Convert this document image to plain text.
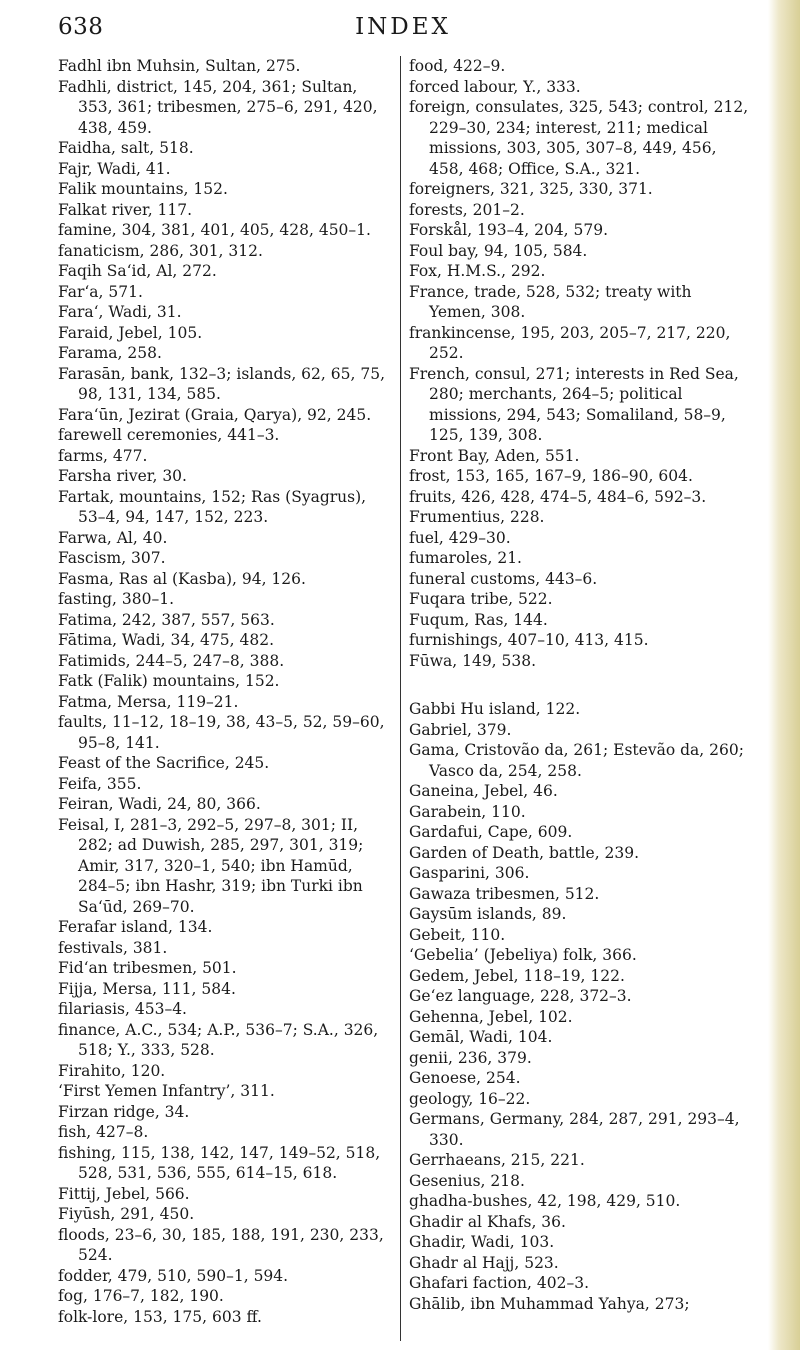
638	INDEX

Fadhl ibn Muhsin, Sultan, 275.

Fadhli, district, 145, 204, 361; Sultan, 353, 361; tribesmen, 275–6, 291, 420, 438, 459.

Faidha, salt, 518.

Fajr, Wadi, 41.

Falik mountains, 152.

Falkat river, 117.

famine, 304, 381, 401, 405, 428, 450–1.

fanaticism, 286, 301, 312.

Faqih Sa‘id, Al, 272.

Far‘a, 571.

Fara‘, Wadi, 31.

Faraid, Jebel, 105.

Farama, 258.

Farasān, bank, 132–3; islands, 62, 65, 75, 98, 131, 134, 585.

Fara‘ūn, Jezirat (Graia, Qarya), 92, 245.

farewell ceremonies, 441–3.

farms, 477.

Farsha river, 30.

Fartak, mountains, 152; Ras (Syagrus), 53–4, 94, 147, 152, 223.

Farwa, Al, 40.

Fascism, 307.

Fasma, Ras al (Kasba), 94, 126.

fasting, 380–1.

Fatima, 242, 387, 557, 563.

Fātima, Wadi, 34, 475, 482.

Fatimids, 244–5, 247–8, 388.

Fatk (Falik) mountains, 152.

Fatma, Mersa, 119–21.

faults, 11–12, 18–19, 38, 43–5, 52, 59–60, 95–8, 141.

Feast of the Sacrifice, 245.

Feifa, 355.

Feiran, Wadi, 24, 80, 366.

Feisal, I, 281–3, 292–5, 297–8, 301; II, 282; ad Duwish, 285, 297, 301, 319; Amir, 317, 320–1, 540; ibn Hamūd, 284–5; ibn Hashr, 319; ibn Turki ibn Sa‘ūd, 269–70.

Ferafar island, 134.

festivals, 381.

Fid‘an tribesmen, 501.

Fijja, Mersa, 111, 584.

filariasis, 453–4.

finance, A.C., 534; A.P., 536–7; S.A., 326, 518; Y., 333, 528.

Firahito, 120.

‘First Yemen Infantry’, 311.

Firzan ridge, 34.

fish, 427–8.

fishing, 115, 138, 142, 147, 149–52, 518, 528, 531, 536, 555, 614–15, 618.

Fittij, Jebel, 566.

Fiyūsh, 291, 450.

floods, 23–6, 30, 185, 188, 191, 230, 233, 524.

fodder, 479, 510, 590–1, 594.

fog, 176–7, 182, 190.

folk-lore, 153, 175, 603 ff.

food, 422–9.

forced labour, Y., 333.

foreign, consulates, 325, 543; control, 212, 229–30, 234; interest, 211; medical missions, 303, 305, 307–8, 449, 456, 458, 468; Office, S.A., 321.

foreigners, 321, 325, 330, 371.

forests, 201–2.

Forskål, 193–4, 204, 579.

Foul bay, 94, 105, 584.

Fox, H.M.S., 292.

France, trade, 528, 532; treaty with Yemen, 308.

frankincense, 195, 203, 205–7, 217, 220, 252.

French, consul, 271; interests in Red Sea, 280; merchants, 264–5; political missions, 294, 543; Somaliland, 58–9, 125, 139, 308.

Front Bay, Aden, 551.

frost, 153, 165, 167–9, 186–90, 604.

fruits, 426, 428, 474–5, 484–6, 592–3.

Frumentius, 228.

fuel, 429–30.

fumaroles, 21.

funeral customs, 443–6.

Fuqara tribe, 522.

Fuqum, Ras, 144.

furnishings, 407–10, 413, 415.

Fūwa, 149, 538.

Gabbi Hu island, 122.

Gabriel, 379.

Gama, Cristovão da, 261; Estevão da, 260; Vasco da, 254, 258.

Ganeina, Jebel, 46.

Garabein, 110.

Gardafui, Cape, 609.

Garden of Death, battle, 239.

Gasparini, 306.

Gawaza tribesmen, 512.

Gaysūm islands, 89.

Gebeit, 110.

‘Gebelia’ (Jebeliya) folk, 366.

Gedem, Jebel, 118–19, 122.

Ge‘ez language, 228, 372–3.

Gehenna, Jebel, 102.

Gemāl, Wadi, 104.

genii, 236, 379.

Genoese, 254.

geology, 16–22.

Germans, Germany, 284, 287, 291, 293–4, 330.

Gerrhaeans, 215, 221.

Gesenius, 218.

ghadha-bushes, 42, 198, 429, 510.

Ghadir al Khafs, 36.

Ghadir, Wadi, 103.

Ghadr al Hajj, 523.

Ghafari faction, 402–3.

Ghālib, ibn Muhammad Yahya, 273;
